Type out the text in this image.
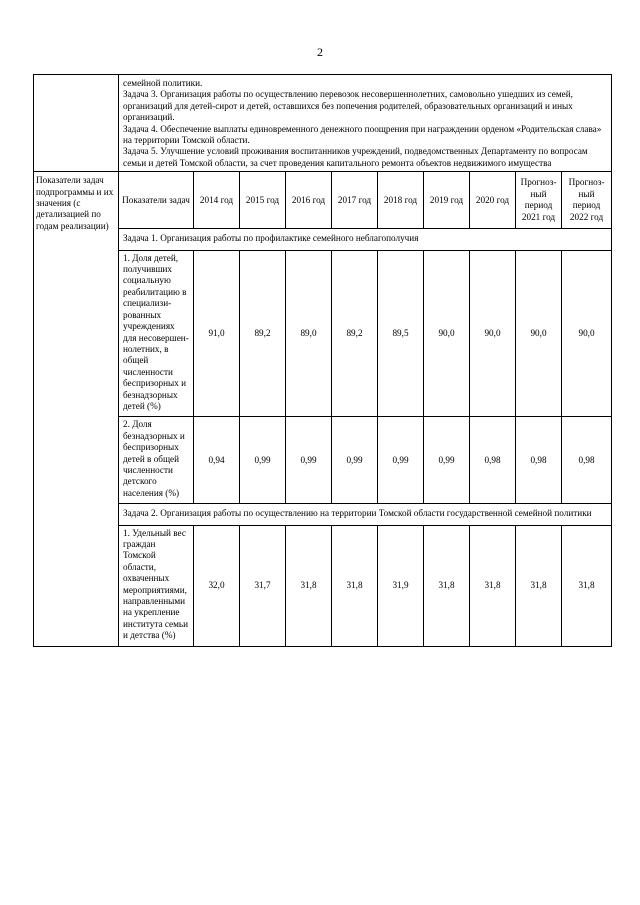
2

	семейной политики.
Задача 3. Организация работы по осуществлению перевозок несовершеннолетних, самовольно ушедших из семей, организаций для детей-сирот и детей, оставшихся без попечения родителей, образовательных организаций и иных организаций.
Задача 4. Обеспечение выплаты единовременного денежного поощрения при награждении орденом «Родительская слава» на территории Томской области.
Задача 5. Улучшение условий проживания воспитанников учреждений, подведомственных Департаменту по вопросам семьи и детей Томской области, за счет проведения капитального ремонта объектов недвижимого имущества									

Показатели задач подпрограммы и их значения (с детализацией по годам реализации)	Показатели задач	2014 год	2015 год	2016 год	2017 год	2018 год	2019 год	2020 год	Прогнозный период 2021 год	Прогнозный период 2022 год
	Задача 1. Организация работы по профилактике семейного неблагополучия									
	1. Доля детей, получивших социальную реабилитацию в специализированных учреждениях для несовершеннолетних, в общей численности беспризорных и безнадзорных детей (%)	91,0	89,2	89,0	89,2	89,5	90,0	90,0	90,0	90,0
	2. Доля безнадзорных и беспризорных детей в общей численности детского населения (%)	0,94	0,99	0,99	0,99	0,99	0,99	0,98	0,98	0,98
	Задача 2. Организация работы по осуществлению на территории Томской области государственной семейной политики									
	1. Удельный вес граждан Томской области, охваченных мероприятиями, направленными на укрепление института семьи и детства (%)	32,0	31,7	31,8	31,8	31,9	31,8	31,8	31,8	31,8
